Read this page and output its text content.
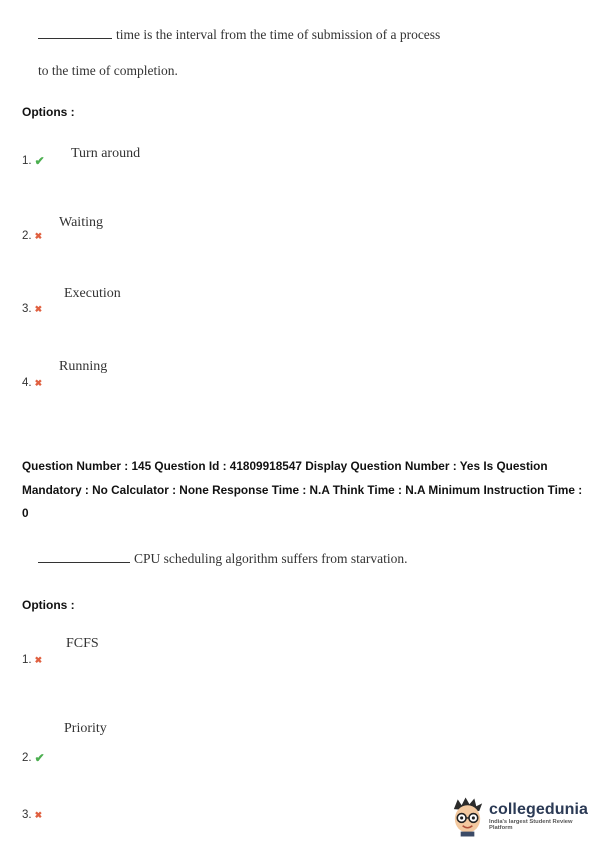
time is the interval from the time of submission of a process
to the time of completion.
Options :
1. ✔ Turn around
2. ✖
Waiting
3. ✖
Execution
4. ✖
Running
Question Number : 145 Question Id : 41809918547 Display Question Number : Yes Is Question Mandatory : No Calculator : None Response Time : N.A Think Time : N.A Minimum Instruction Time : 0
CPU scheduling algorithm suffers from starvation.
Options :
1. ✖
FCFS
Priority
2. ✔
3. ✖	collegedunia
India's largest Student Review Platform
